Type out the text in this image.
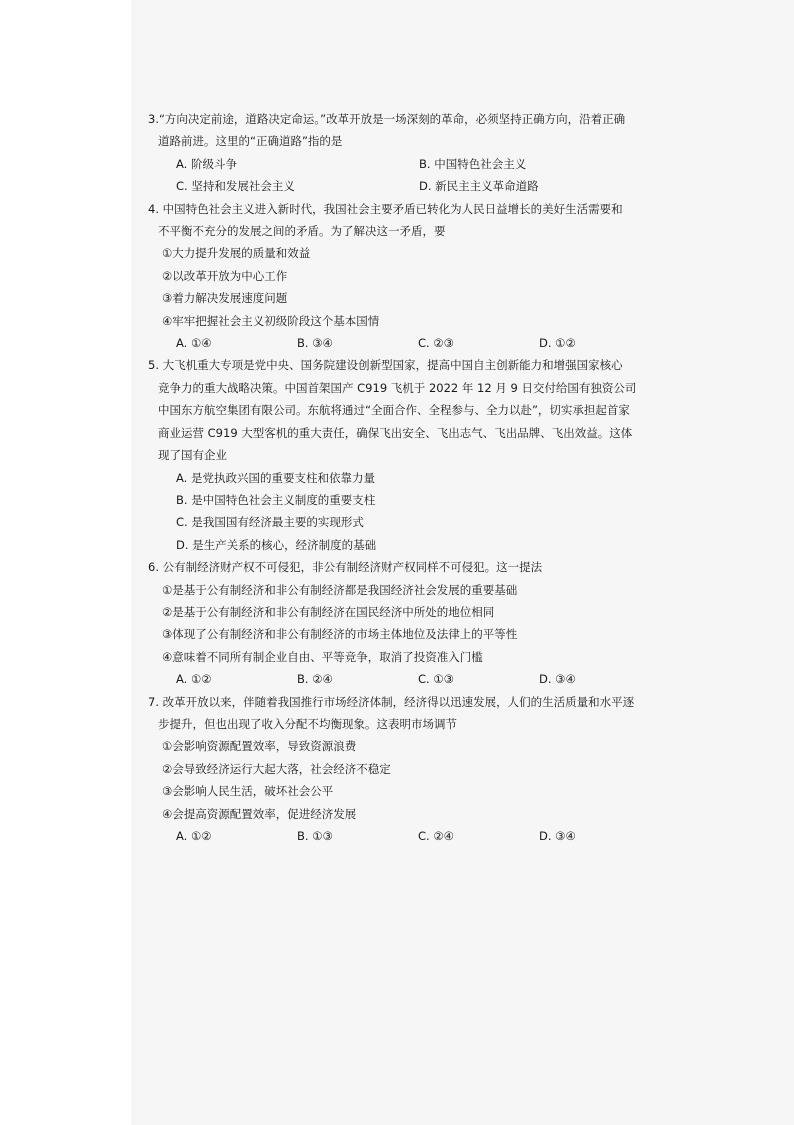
3.“方向决定前途，道路决定命运。”改革开放是一场深刻的革命，必须坚持正确方向，沿着正确
道路前进。这里的“正确道路”指的是
A. 阶级斗争	B. 中国特色社会主义
C. 坚持和发展社会主义	D. 新民主主义革命道路
4. 中国特色社会主义进入新时代，我国社会主要矛盾已转化为人民日益增长的美好生活需要和
不平衡不充分的发展之间的矛盾。为了解决这一矛盾，要
①大力提升发展的质量和效益
②以改革开放为中心工作
③着力解决发展速度问题
④牢牢把握社会主义初级阶段这个基本国情
A. ①④	B. ③④	C. ②③	D. ①②
5. 大飞机重大专项是党中央、国务院建设创新型国家，提高中国自主创新能力和增强国家核心
竞争力的重大战略决策。中国首架国产 C919 飞机于 2022 年 12 月 9 日交付给国有独资公司
中国东方航空集团有限公司。东航将通过“全面合作、全程参与、全力以赴”，切实承担起首家
商业运营 C919 大型客机的重大责任，确保飞出安全、飞出志气、飞出品牌、飞出效益。这体
现了国有企业
A. 是党执政兴国的重要支柱和依靠力量
B. 是中国特色社会主义制度的重要支柱
C. 是我国国有经济最主要的实现形式
D. 是生产关系的核心，经济制度的基础
6. 公有制经济财产权不可侵犯，非公有制经济财产权同样不可侵犯。这一提法
①是基于公有制经济和非公有制经济都是我国经济社会发展的重要基础
②是基于公有制经济和非公有制经济在国民经济中所处的地位相同
③体现了公有制经济和非公有制经济的市场主体地位及法律上的平等性
④意味着不同所有制企业自由、平等竞争，取消了投资准入门槛
A. ①②	B. ②④	C. ①③	D. ③④
7. 改革开放以来，伴随着我国推行市场经济体制，经济得以迅速发展，人们的生活质量和水平逐
步提升，但也出现了收入分配不均衡现象。这表明市场调节
①会影响资源配置效率，导致资源浪费
②会导致经济运行大起大落，社会经济不稳定
③会影响人民生活，破坏社会公平
④会提高资源配置效率，促进经济发展
A. ①②	B. ①③	C. ②④	D. ③④
